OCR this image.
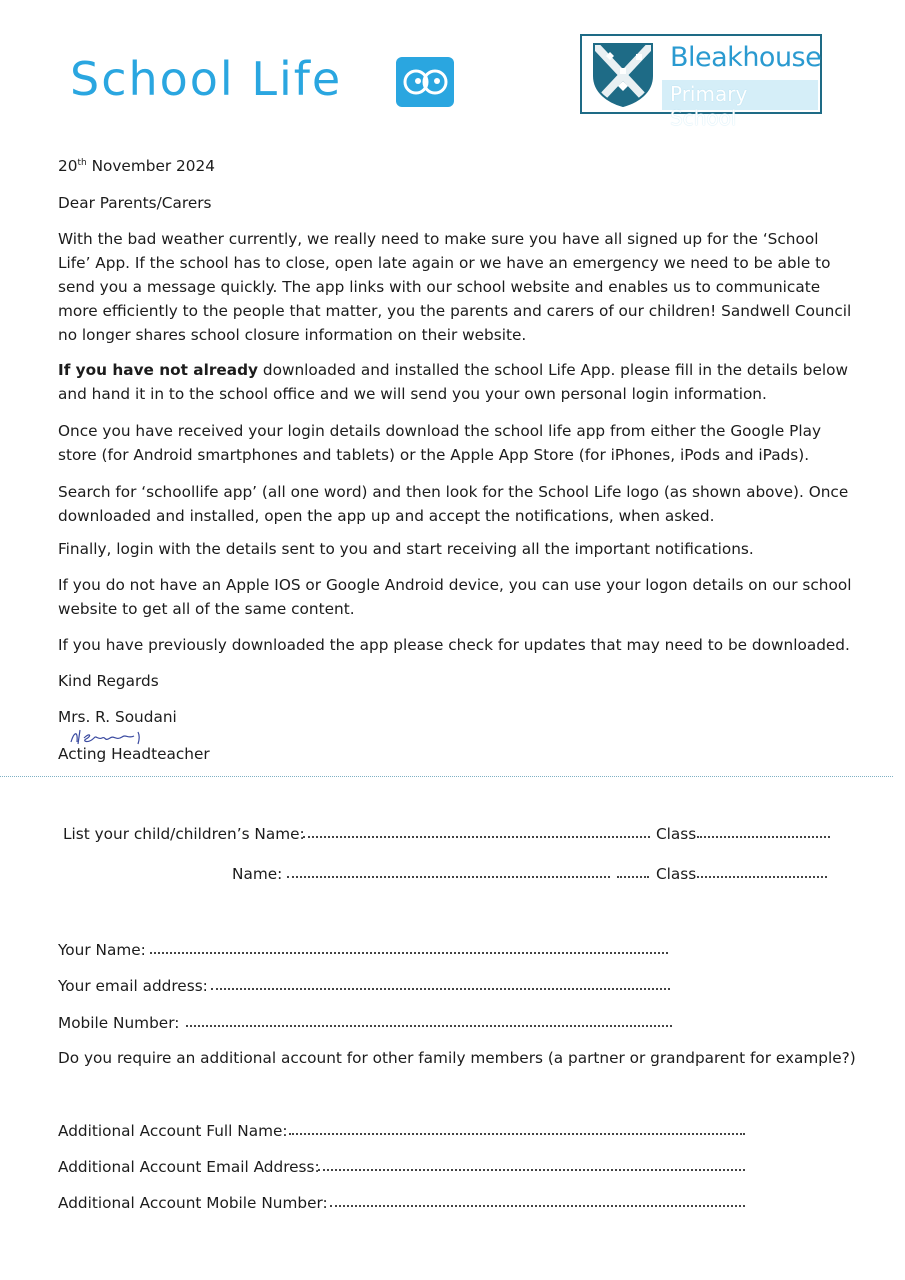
School Life	Bleakhouse
Primary School

20th November 2024

Dear Parents/Carers

With the bad weather currently, we really need to make sure you have all signed up for the ‘School Life’ App. If the school has to close, open late again or we have an emergency we need to be able to send you a message quickly. The app links with our school website and enables us to communicate more efficiently to the people that matter, you the parents and carers of our children! Sandwell Council no longer shares school closure information on their website.

If you have not already downloaded and installed the school Life App. please fill in the details below and hand it in to the school office and we will send you your own personal login information.

Once you have received your login details download the school life app from either the Google Play store (for Android smartphones and tablets) or the Apple App Store (for iPhones, iPods and iPads).

Search for ‘schoollife app’ (all one word) and then look for the School Life logo (as shown above). Once downloaded and installed, open the app up and accept the notifications, when asked.

Finally, login with the details sent to you and start receiving all the important notifications.

If you do not have an Apple IOS or Google Android device, you can use your logon details on our school website to get all of the same content.

If you have previously downloaded the app please check for updates that may need to be downloaded.

Kind Regards

Mrs. R. Soudani

Acting Headteacher

List your child/children’s Name:	Class
Name:	Class
Your Name:
Your email address:
Mobile Number:
Do you require an additional account for other family members (a partner or grandparent for example?)
Additional Account Full Name:
Additional Account Email Address:
Additional Account Mobile Number:
